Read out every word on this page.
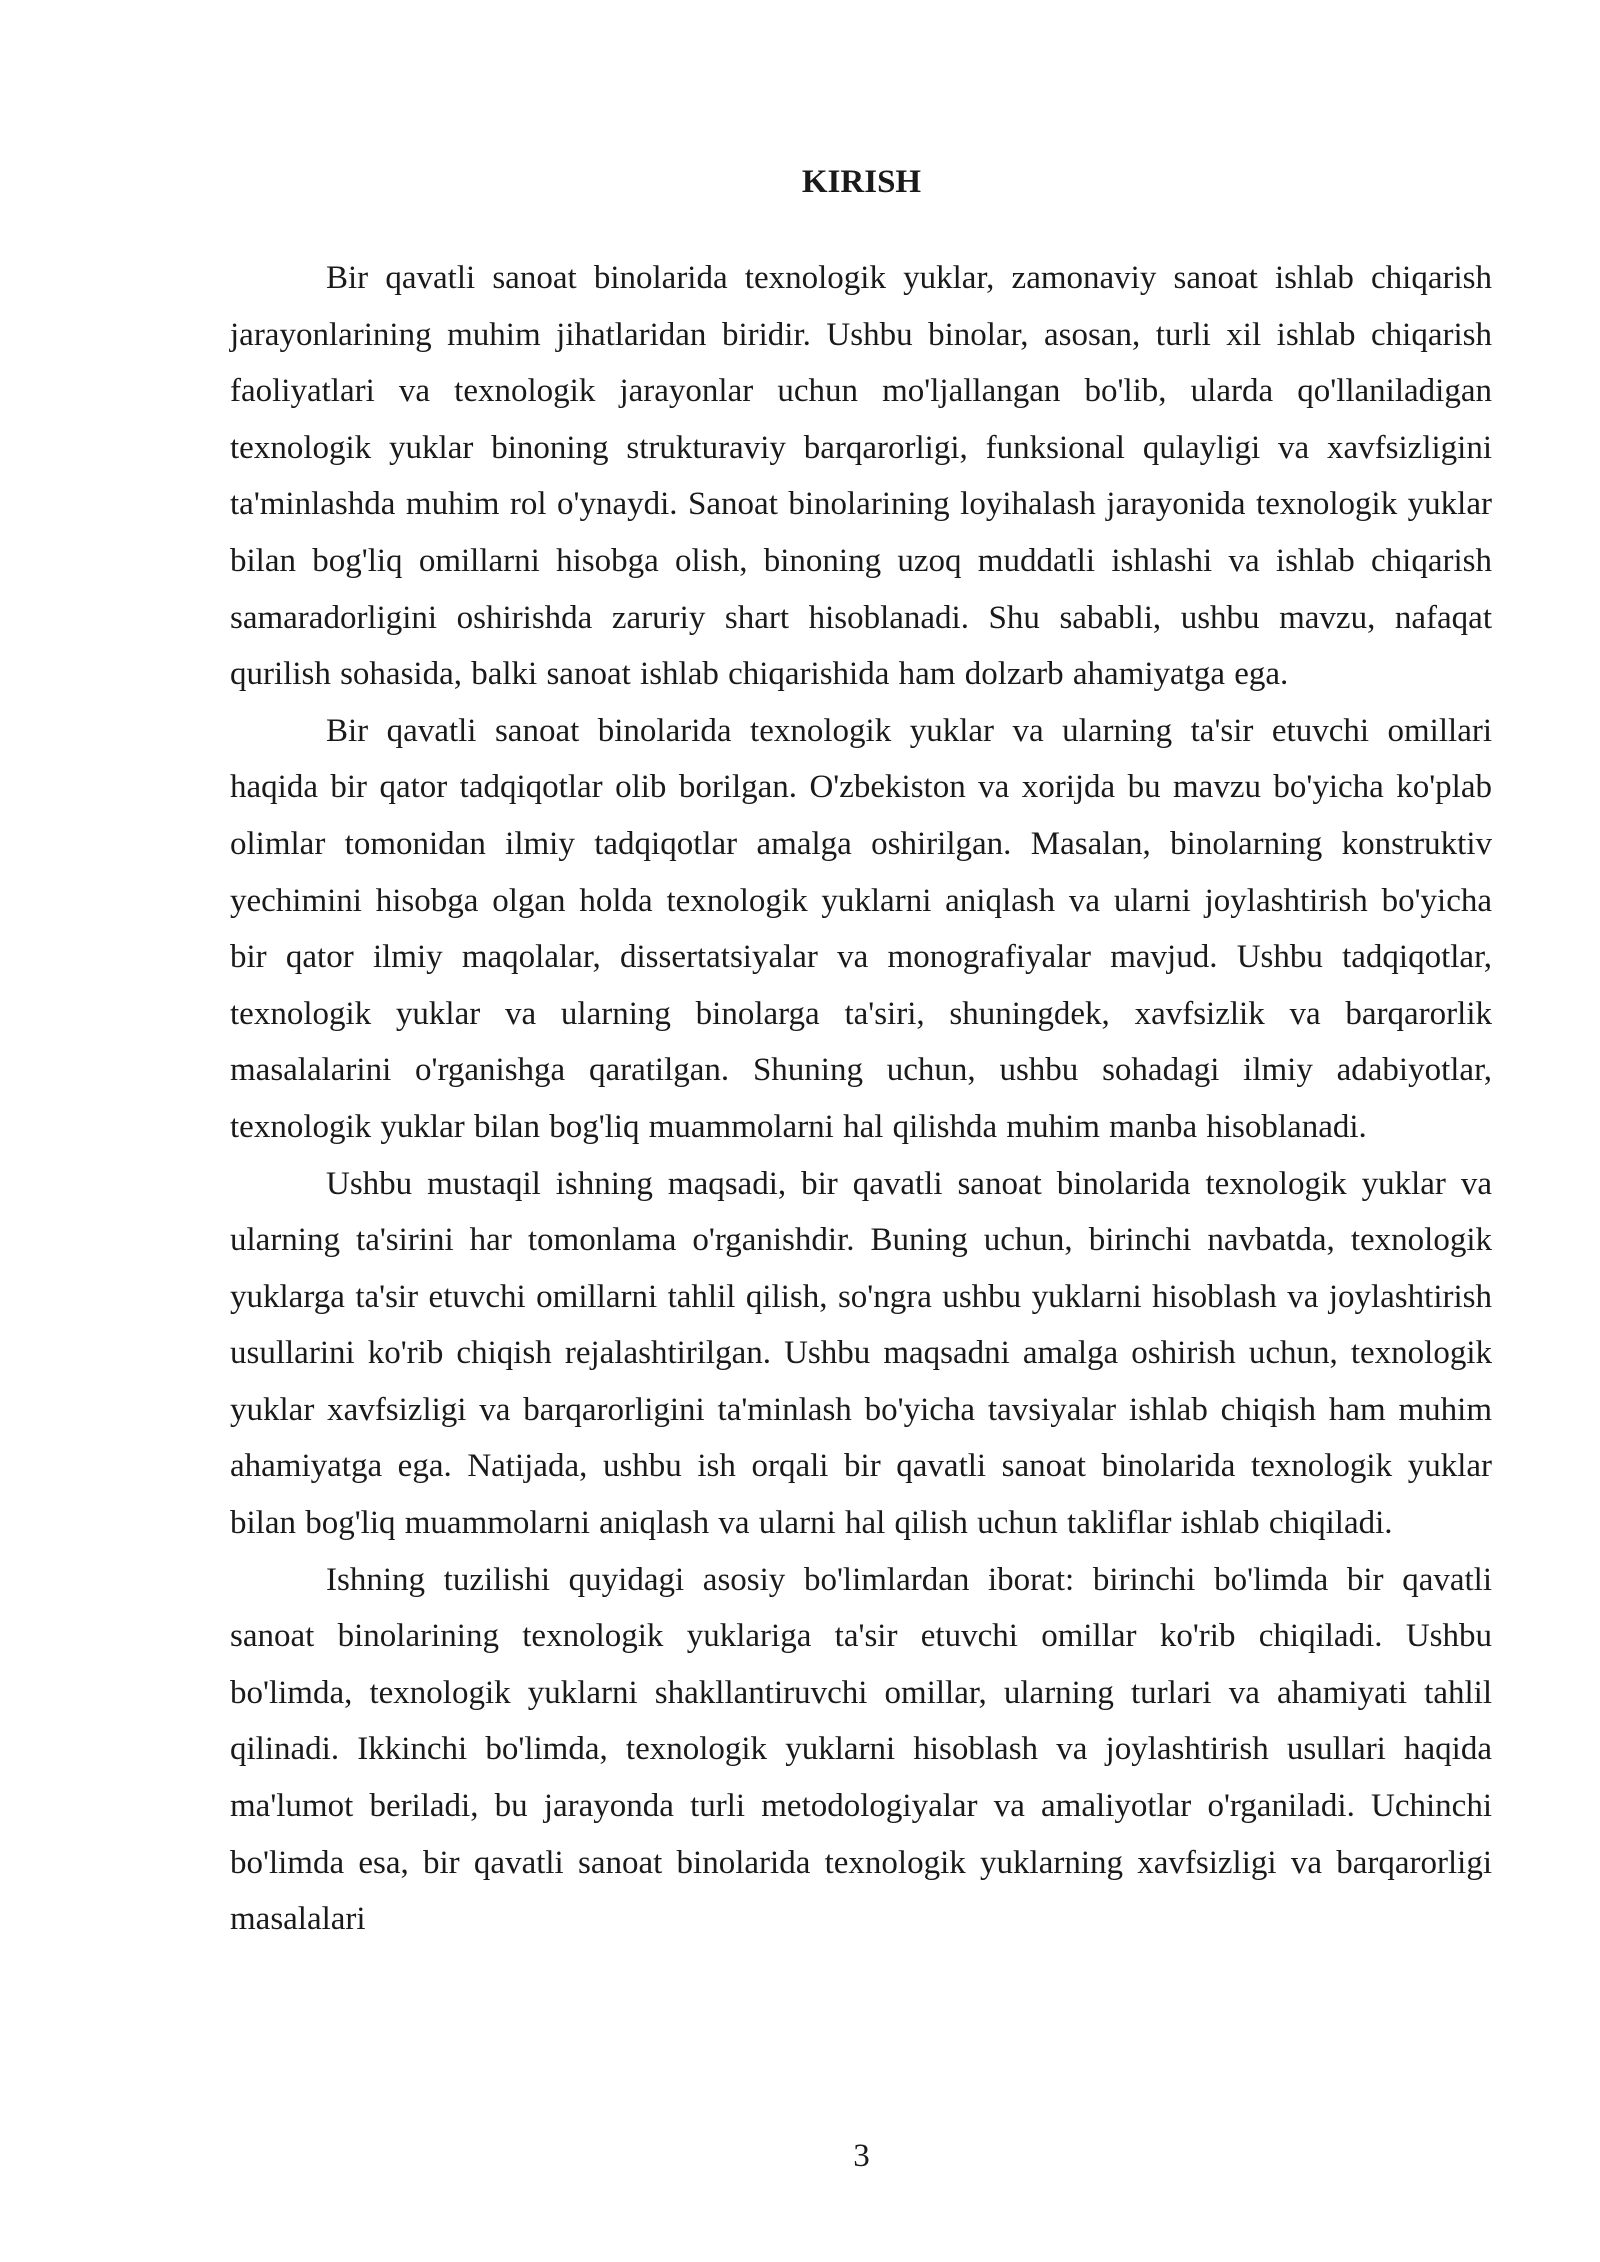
KIRISH

Bir qavatli sanoat binolarida texnologik yuklar, zamonaviy sanoat ishlab chiqarish jarayonlarining muhim jihatlaridan biridir. Ushbu binolar, asosan, turli xil ishlab chiqarish faoliyatlari va texnologik jarayonlar uchun mo'ljallangan bo'lib, ularda qo'llaniladigan texnologik yuklar binoning strukturaviy barqarorligi, funksional qulayligi va xavfsizligini ta'minlashda muhim rol o'ynaydi. Sanoat binolarining loyihalash jarayonida texnologik yuklar bilan bog'liq omillarni hisobga olish, binoning uzoq muddatli ishlashi va ishlab chiqarish samaradorligini oshirishda zaruriy shart hisoblanadi. Shu sababli, ushbu mavzu, nafaqat qurilish sohasida, balki sanoat ishlab chiqarishida ham dolzarb ahamiyatga ega.

Bir qavatli sanoat binolarida texnologik yuklar va ularning ta'sir etuvchi omillari haqida bir qator tadqiqotlar olib borilgan. O'zbekiston va xorijda bu mavzu bo'yicha ko'plab olimlar tomonidan ilmiy tadqiqotlar amalga oshirilgan. Masalan, binolarning konstruktiv yechimini hisobga olgan holda texnologik yuklarni aniqlash va ularni joylashtirish bo'yicha bir qator ilmiy maqolalar, dissertatsiyalar va monografiyalar mavjud. Ushbu tadqiqotlar, texnologik yuklar va ularning binolarga ta'siri, shuningdek, xavfsizlik va barqarorlik masalalarini o'rganishga qaratilgan. Shuning uchun, ushbu sohadagi ilmiy adabiyotlar, texnologik yuklar bilan bog'liq muammolarni hal qilishda muhim manba hisoblanadi.

Ushbu mustaqil ishning maqsadi, bir qavatli sanoat binolarida texnologik yuklar va ularning ta'sirini har tomonlama o'rganishdir. Buning uchun, birinchi navbatda, texnologik yuklarga ta'sir etuvchi omillarni tahlil qilish, so'ngra ushbu yuklarni hisoblash va joylashtirish usullarini ko'rib chiqish rejalashtirilgan. Ushbu maqsadni amalga oshirish uchun, texnologik yuklar xavfsizligi va barqarorligini ta'minlash bo'yicha tavsiyalar ishlab chiqish ham muhim ahamiyatga ega. Natijada, ushbu ish orqali bir qavatli sanoat binolarida texnologik yuklar bilan bog'liq muammolarni aniqlash va ularni hal qilish uchun takliflar ishlab chiqiladi.

Ishning tuzilishi quyidagi asosiy bo'limlardan iborat: birinchi bo'limda bir qavatli sanoat binolarining texnologik yuklariga ta'sir etuvchi omillar ko'rib chiqiladi. Ushbu bo'limda, texnologik yuklarni shakllantiruvchi omillar, ularning turlari va ahamiyati tahlil qilinadi. Ikkinchi bo'limda, texnologik yuklarni hisoblash va joylashtirish usullari haqida ma'lumot beriladi, bu jarayonda turli metodologiyalar va amaliyotlar o'rganiladi. Uchinchi bo'limda esa, bir qavatli sanoat binolarida texnologik yuklarning xavfsizligi va barqarorligi masalalari

3
